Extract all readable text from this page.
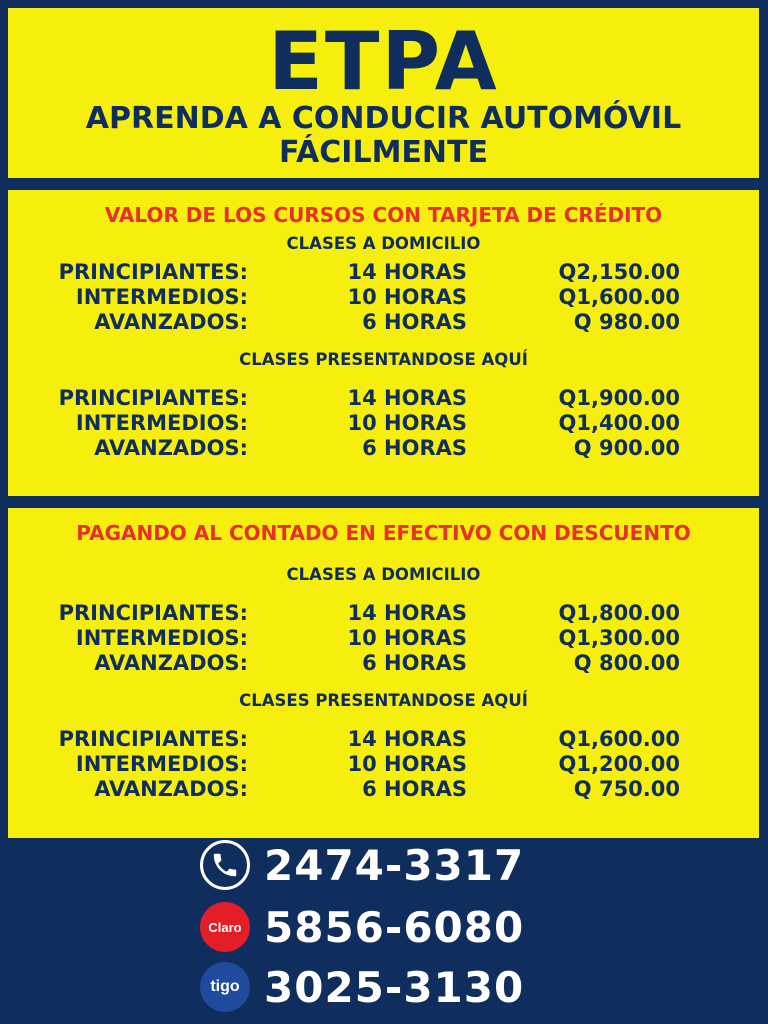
ETPA
APRENDA A CONDUCIR AUTOMÓVIL
FÁCILMENTE
VALOR DE LOS CURSOS CON TARJETA DE CRÉDITO
CLASES A DOMICILIO
PRINCIPIANTES:	14 HORAS	Q2,150.00
INTERMEDIOS:	10 HORAS	Q1,600.00
AVANZADOS:	6 HORAS	Q 980.00
CLASES PRESENTANDOSE AQUÍ
PRINCIPIANTES:	14 HORAS	Q1,900.00
INTERMEDIOS:	10 HORAS	Q1,400.00
AVANZADOS:	6 HORAS	Q 900.00
PAGANDO AL CONTADO EN EFECTIVO CON DESCUENTO
CLASES A DOMICILIO
PRINCIPIANTES:	14 HORAS	Q1,800.00
INTERMEDIOS:	10 HORAS	Q1,300.00
AVANZADOS:	6 HORAS	Q 800.00
CLASES PRESENTANDOSE AQUÍ
PRINCIPIANTES:	14 HORAS	Q1,600.00
INTERMEDIOS:	10 HORAS	Q1,200.00
AVANZADOS:	6 HORAS	Q 750.00
2474-3317
Claro 5856-6080
tigo 3025-3130
